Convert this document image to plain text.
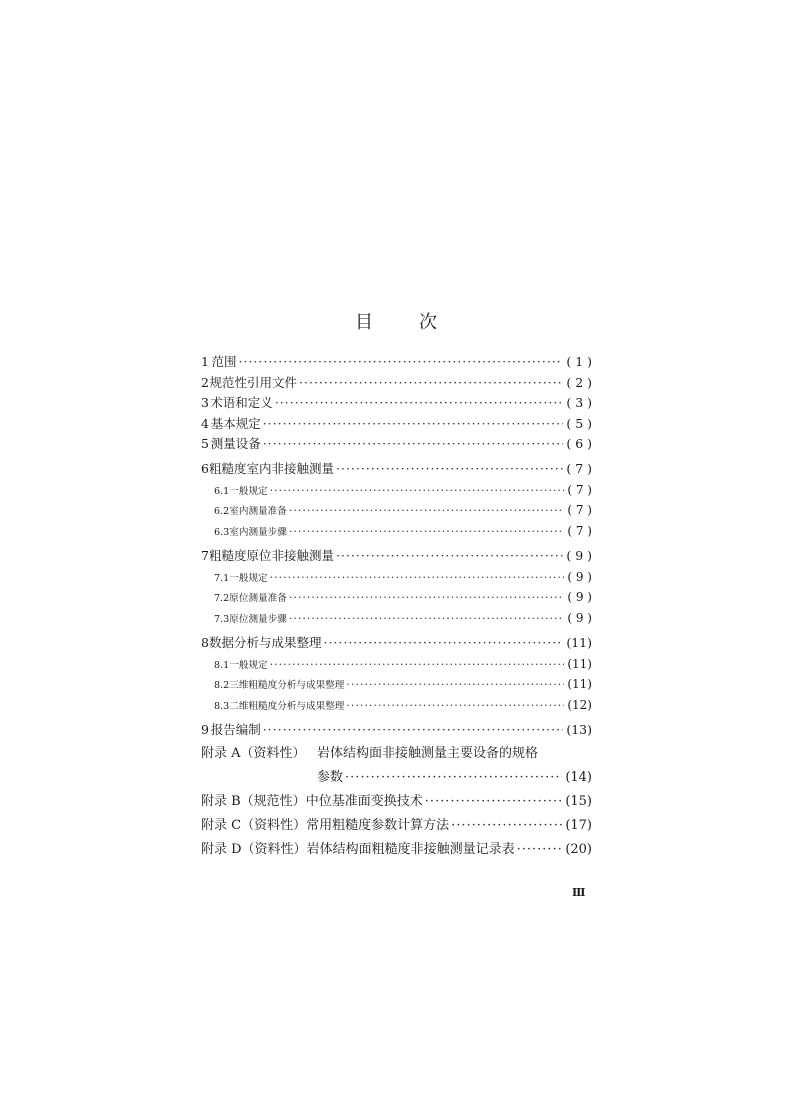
目	次
1 范围 ·····	( 1 )
2 规范性引用文件 ·····	( 2 )
3 术语和定义 ·····	( 3 )
4 基本规定 ·····	( 5 )
5 测量设备 ·····	( 6 )
6 粗糙度室内非接触测量 ·····	( 7 )
6.1 一般规定 ·····	( 7 )
6.2 室内测量准备 ·····	( 7 )
6.3 室内测量步骤 ·····	( 7 )
7 粗糙度原位非接触测量 ·····	( 9 )
7.1 一般规定 ·····	( 9 )
7.2 原位测量准备 ·····	( 9 )
7.3 原位测量步骤 ·····	( 9 )
8 数据分析与成果整理 ·····	(11)
8.1 一般规定 ·····	(11)
8.2 三维粗糙度分析与成果整理 ·····	(11)
8.3 二维粗糙度分析与成果整理 ·····	(12)
9 报告编制 ·····	(13)
附录 A（资料性） 岩体结构面非接触测量主要设备的规格
参数 ·····	(14)
附录 B（规范性） 中位基准面变换技术 ·····	(15)
附录 C（资料性） 常用粗糙度参数计算方法 ·····	(17)
附录 D（资料性） 岩体结构面粗糙度非接触测量记录表 ·····	(20)
Ⅲ
